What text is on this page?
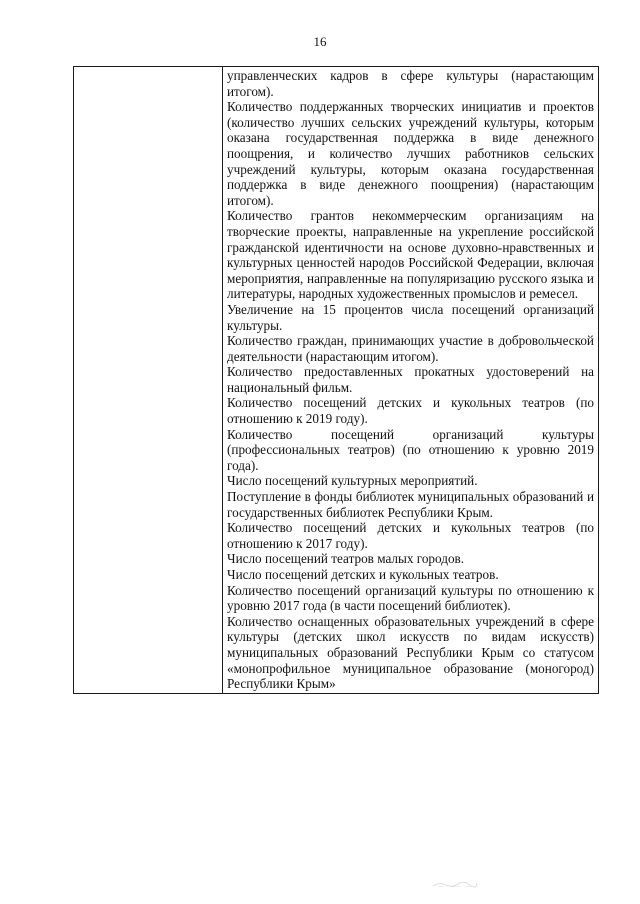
16

управленческих кадров в сфере культуры (нарастающим итогом).
Количество поддержанных творческих инициатив и проектов (количество лучших сельских учреждений культуры, которым оказана государственная поддержка в виде денежного поощрения, и количество лучших работников сельских учреждений культуры, которым оказана государственная поддержка в виде денежного поощрения) (нарастающим итогом).
Количество грантов некоммерческим организациям на творческие проекты, направленные на укрепление российской гражданской идентичности на основе духовно-нравственных и культурных ценностей народов Российской Федерации, включая мероприятия, направленные на популяризацию русского языка и литературы, народных художественных промыслов и ремесел.
Увеличение на 15 процентов числа посещений организаций культуры.
Количество граждан, принимающих участие в добровольческой деятельности (нарастающим итогом).
Количество предоставленных прокатных удостоверений на национальный фильм.
Количество посещений детских и кукольных театров (по отношению к 2019 году).
Количество посещений организаций культуры (профессиональных театров) (по отношению к уровню 2019 года).
Число посещений культурных мероприятий.
Поступление в фонды библиотек муниципальных образований и государственных библиотек Республики Крым.
Количество посещений детских и кукольных театров (по отношению к 2017 году).
Число посещений театров малых городов.
Число посещений детских и кукольных театров.
Количество посещений организаций культуры по отношению к уровню 2017 года (в части посещений библиотек).
Количество оснащенных образовательных учреждений в сфере культуры (детских школ искусств по видам искусств) муниципальных образований Республики Крым со статусом «монопрофильное муниципальное образование (моногород) Республики Крым»
